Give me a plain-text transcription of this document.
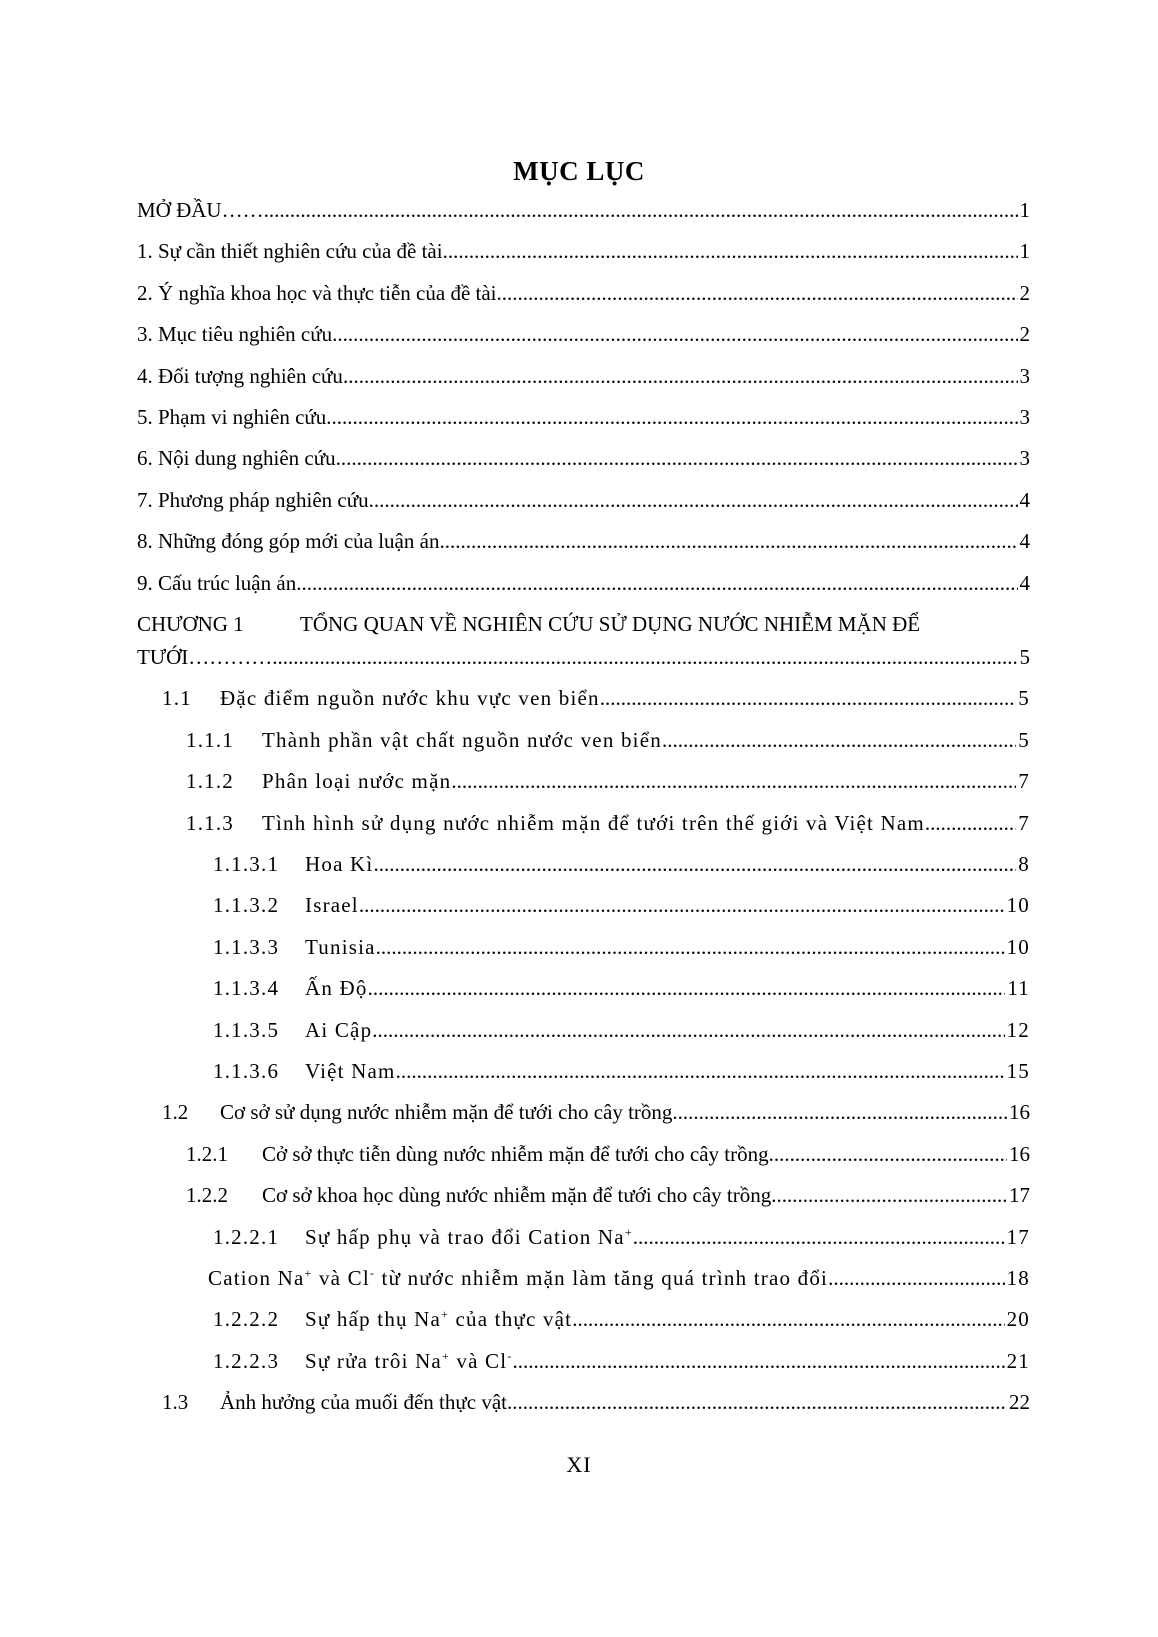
MỤC LỤC
MỞ ĐẦU…… .....	1
1. Sự cần thiết nghiên cứu của đề tài .....	1
2. Ý nghĩa khoa học và thực tiễn của đề tài .....	2
3. Mục tiêu nghiên cứu .....	2
4. Đối tượng nghiên cứu .....	3
5. Phạm vi nghiên cứu .....	3
6. Nội dung nghiên cứu .....	3
7. Phương pháp nghiên cứu .....	4
8. Những đóng góp mới của luận án .....	4
9. Cấu trúc luận án .....	4
CHƯƠNG 1	TỔNG QUAN VỀ NGHIÊN CỨU SỬ DỤNG NƯỚC NHIỄM MẶN ĐỂ
TƯỚI………… .....	5
1.1	Đặc điểm nguồn nước khu vực ven biển .....	5
1.1.1	Thành phần vật chất nguồn nước ven biển .....	5
1.1.2	Phân loại nước mặn .....	7
1.1.3	Tình hình sử dụng nước nhiễm mặn để tưới trên thế giới và Việt Nam .....	7
1.1.3.1	Hoa Kì .....	8
1.1.3.2	Israel .....	10
1.1.3.3	Tunisia .....	10
1.1.3.4	Ấn Độ .....	11
1.1.3.5	Ai Cập .....	12
1.1.3.6	Việt Nam .....	15
1.2	Cơ sở sử dụng nước nhiễm mặn để tưới cho cây trồng .....	16
1.2.1	Cở sở thực tiễn dùng nước nhiễm mặn để tưới cho cây trồng .....	16
1.2.2	Cơ sở khoa học dùng nước nhiễm mặn để tưới cho cây trồng .....	17
1.2.2.1	Sự hấp phụ và trao đổi Cation Na+ .....	17
Cation Na+ và Cl- từ nước nhiễm mặn làm tăng quá trình trao đổi .....	18
1.2.2.2	Sự hấp thụ Na+ của thực vật .....	20
1.2.2.3	Sự rửa trôi Na+ và Cl- .....	21
1.3	Ảnh hưởng của muối đến thực vật .....	22
XI
